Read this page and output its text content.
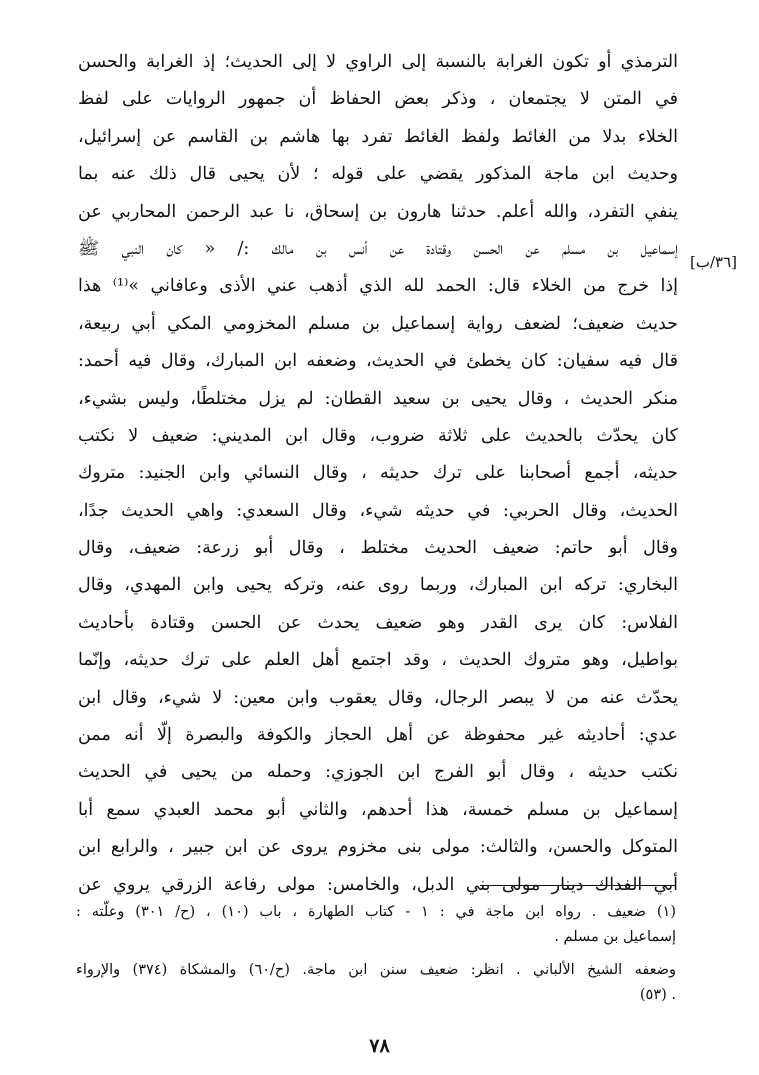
[٣٦/ب]
الترمذي أو تكون الغرابة بالنسبة إلى الراوي لا إلى الحديث؛ إذ الغرابة والحسن
في المتن لا يجتمعان ، وذكر بعض الحفاظ أن جمهور الروايات على لفظ
الخلاء بدلا من الغائط ولفظ الغائط تفرد بها هاشم بن القاسم عن إسرائيل،
وحديث ابن ماجة المذكور يقضي على قوله ؛ لأن يحيى قال ذلك عنه بما
ينفي التفرد، والله أعلم. حدثنا هارون بن إسحاق، نا عبد الرحمن المحاربي عن
إسماعيل بن مسلم عن الحسن وقتادة عن أنس بن مالك :/ « كان النبي ﷺ
إذا خرج من الخلاء قال: الحمد لله الذي أذهب عني الأذى وعافاني »⁽¹⁾ هذا
حديث ضعيف؛ لضعف رواية إسماعيل بن مسلم المخزومي المكي أبي ربيعة،
قال فيه سفيان: كان يخطئ في الحديث، وضعفه ابن المبارك، وقال فيه أحمد:
منكر الحديث ، وقال يحيى بن سعيد القطان: لم يزل مختلطًا، وليس بشيء،
كان يحدّث بالحديث على ثلاثة ضروب، وقال ابن المديني: ضعيف لا نكتب
حديثه، أجمع أصحابنا على ترك حديثه ، وقال النسائي وابن الجنيد: متروك
الحديث، وقال الحربي: في حديثه شيء، وقال السعدي: واهي الحديث جدًا،
وقال أبو حاتم: ضعيف الحديث مختلط ، وقال أبو زرعة: ضعيف، وقال
البخاري: تركه ابن المبارك، وربما روى عنه، وتركه يحيى وابن المهدي، وقال
الفلاس: كان يرى القدر وهو ضعيف يحدث عن الحسن وقتادة بأحاديث
بواطيل، وهو متروك الحديث ، وقد اجتمع أهل العلم على ترك حديثه، وإنّما
يحدّث عنه من لا يبصر الرجال، وقال يعقوب وابن معين: لا شيء، وقال ابن
عدي: أحاديثه غير محفوظة عن أهل الحجاز والكوفة والبصرة إلّا أنه ممن
نكتب حديثه ، وقال أبو الفرج ابن الجوزي: وحمله من يحيى في الحديث
إسماعيل بن مسلم خمسة، هذا أحدهم، والثاني أبو محمد العبدي سمع أبا
المتوكل والحسن، والثالث: مولى بنى مخزوم يروى عن ابن جبير ، والرابع ابن
أبي الفداك دينار مولى بني الدبل، والخامس: مولى رفاعة الزرقي يروي عن
(١) ضعيف . رواه ابن ماجة في : ١ - كتاب الطهارة ، باب (١٠) ، (ح/ ٣٠١) وعلّته :
إسماعيل بن مسلم .
وضعفه الشيخ الألباني . انظر: ضعيف سنن ابن ماجة. (ح/٦٠) والمشكاة (٣٧٤) والإرواء
. (٥٣)
٧٨
